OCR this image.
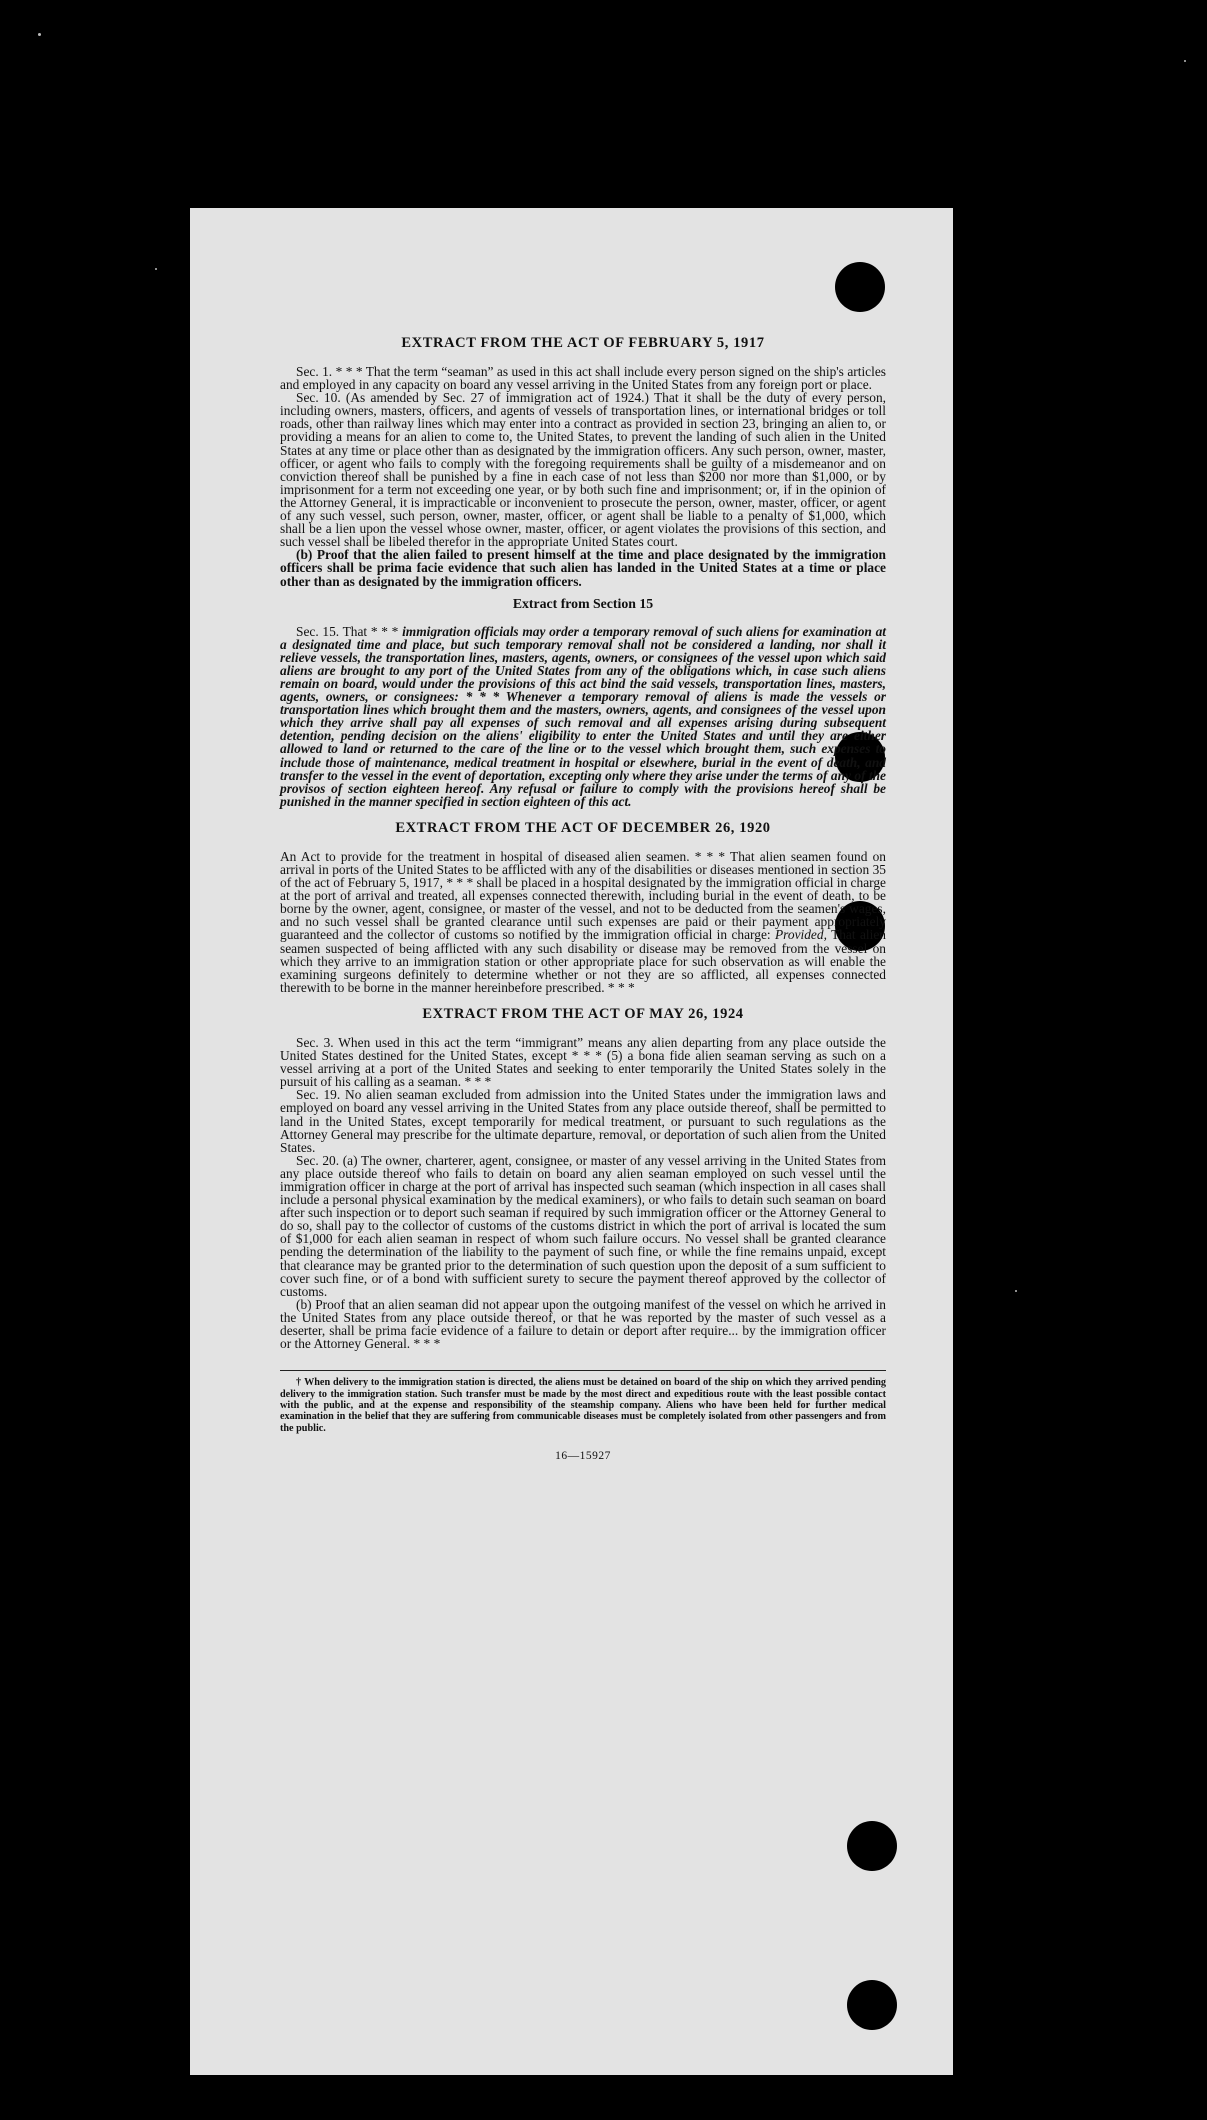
EXTRACT FROM THE ACT OF FEBRUARY 5, 1917

Sec. 1. * * * That the term “seaman” as used in this act shall include every person signed on the ship's articles and employed in any capacity on board any vessel arriving in the United States from any foreign port or place.

Sec. 10. (As amended by Sec. 27 of immigration act of 1924.) That it shall be the duty of every person, including owners, masters, officers, and agents of vessels of transportation lines, or international bridges or toll roads, other than railway lines which may enter into a contract as provided in section 23, bringing an alien to, or providing a means for an alien to come to, the United States, to prevent the landing of such alien in the United States at any time or place other than as designated by the immigration officers. Any such person, owner, master, officer, or agent who fails to comply with the foregoing requirements shall be guilty of a misdemeanor and on conviction thereof shall be punished by a fine in each case of not less than $200 nor more than $1,000, or by imprisonment for a term not exceeding one year, or by both such fine and imprisonment; or, if in the opinion of the Attorney General, it is impracticable or inconvenient to prosecute the person, owner, master, officer, or agent of any such vessel, such person, owner, master, officer, or agent shall be liable to a penalty of $1,000, which shall be a lien upon the vessel whose owner, master, officer, or agent violates the provisions of this section, and such vessel shall be libeled therefor in the appropriate United States court.

(b) Proof that the alien failed to present himself at the time and place designated by the immigration officers shall be prima facie evidence that such alien has landed in the United States at a time or place other than as designated by the immigration officers.

Extract from Section 15

Sec. 15. That * * * immigration officials may order a temporary removal of such aliens for examination at a designated time and place, but such temporary removal shall not be considered a landing, nor shall it relieve vessels, the transportation lines, masters, agents, owners, or consignees of the vessel upon which said aliens are brought to any port of the United States from any of the obligations which, in case such aliens remain on board, would under the provisions of this act bind the said vessels, transportation lines, masters, agents, owners, or consignees: * * * Whenever a temporary removal of aliens is made the vessels or transportation lines which brought them and the masters, owners, agents, and consignees of the vessel upon which they arrive shall pay all expenses of such removal and all expenses arising during subsequent detention, pending decision on the aliens' eligibility to enter the United States and until they are either allowed to land or returned to the care of the line or to the vessel which brought them, such expenses to include those of maintenance, medical treatment in hospital or elsewhere, burial in the event of death, and transfer to the vessel in the event of deportation, excepting only where they arise under the terms of any of the provisos of section eighteen hereof. Any refusal or failure to comply with the provisions hereof shall be punished in the manner specified in section eighteen of this act.

EXTRACT FROM THE ACT OF DECEMBER 26, 1920

An Act to provide for the treatment in hospital of diseased alien seamen. * * * That alien seamen found on arrival in ports of the United States to be afflicted with any of the disabilities or diseases mentioned in section 35 of the act of February 5, 1917, * * * shall be placed in a hospital designated by the immigration official in charge at the port of arrival and treated, all expenses connected therewith, including burial in the event of death, to be borne by the owner, agent, consignee, or master of the vessel, and not to be deducted from the seamen's wages, and no such vessel shall be granted clearance until such expenses are paid or their payment appropriately guaranteed and the collector of customs so notified by the immigration official in charge: Provided, That alien seamen suspected of being afflicted with any such disability or disease may be removed from the vessel on which they arrive to an immigration station or other appropriate place for such observation as will enable the examining surgeons definitely to determine whether or not they are so afflicted, all expenses connected therewith to be borne in the manner hereinbefore prescribed. * * *

EXTRACT FROM THE ACT OF MAY 26, 1924

Sec. 3. When used in this act the term “immigrant” means any alien departing from any place outside the United States destined for the United States, except * * * (5) a bona fide alien seaman serving as such on a vessel arriving at a port of the United States and seeking to enter temporarily the United States solely in the pursuit of his calling as a seaman. * * *

Sec. 19. No alien seaman excluded from admission into the United States under the immigration laws and employed on board any vessel arriving in the United States from any place outside thereof, shall be permitted to land in the United States, except temporarily for medical treatment, or pursuant to such regulations as the Attorney General may prescribe for the ultimate departure, removal, or deportation of such alien from the United States.

Sec. 20. (a) The owner, charterer, agent, consignee, or master of any vessel arriving in the United States from any place outside thereof who fails to detain on board any alien seaman employed on such vessel until the immigration officer in charge at the port of arrival has inspected such seaman (which inspection in all cases shall include a personal physical examination by the medical examiners), or who fails to detain such seaman on board after such inspection or to deport such seaman if required by such immigration officer or the Attorney General to do so, shall pay to the collector of customs of the customs district in which the port of arrival is located the sum of $1,000 for each alien seaman in respect of whom such failure occurs. No vessel shall be granted clearance pending the determination of the liability to the payment of such fine, or while the fine remains unpaid, except that clearance may be granted prior to the determination of such question upon the deposit of a sum sufficient to cover such fine, or of a bond with sufficient surety to secure the payment thereof approved by the collector of customs.

(b) Proof that an alien seaman did not appear upon the outgoing manifest of the vessel on which he arrived in the United States from any place outside thereof, or that he was reported by the master of such vessel as a deserter, shall be prima facie evidence of a failure to detain or deport after require... by the immigration officer or the Attorney General. * * *

† When delivery to the immigration station is directed, the aliens must be detained on board of the ship on which they arrived pending delivery to the immigration station. Such transfer must be made by the most direct and expeditious route with the least possible contact with the public, and at the expense and responsibility of the steamship company. Aliens who have been held for further medical examination in the belief that they are suffering from communicable diseases must be completely isolated from other passengers and from the public.

16—15927
